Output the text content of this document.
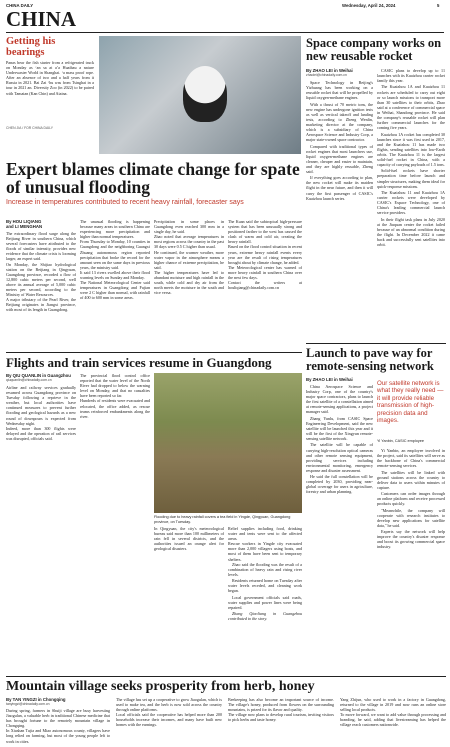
CHINA DAILY	Wednesday, April 24, 2024	5
CHINA
Getting his bearings
Panas bear the fish starter from a refrigerated truck on Monday as ‘an sa at a’a Huaibau a nature Underwaster World in Shanghai. ‘a mass proof rope. After an absence of two and a half years from it Russia in 2021. Bai Zai ‘hu was from Tsinghai in a tour in 2021 an. Diversity Zoo (in 2022) to be paired with Tamaian (Kan Chin) and Aiaina.
CHEN JIA / FOR CHINA DAILY
Space company works on new reusable rocket
By ZHAO LEI in Weihai
zhaolei@chinadaily.com.cn

Space Technology in Beijing's Yizhuang has been working on a reusable rocket that will be propelled by liquid oxygen-methane engines.

With a thrust of 70 metric tons, the new engine has undergone ignition tests as well as vertical takeoff and landing tests, according to Zheng Wenlin, marketing director at the company, which is a subsidiary of China Aerospace Science and Industry Corp, a major state-owned space contractor.

Compared with traditional types of rocket engines that most launchers use, liquid oxygen-methane engines are cleaner, cheaper and easier to maintain, and they are highly reusable, Zheng said.

If everything goes according to plan, the new rocket will make its maiden flight in the near future, and then it will carry the first passenger of CASIC's Kuaizhou launch series.

CASIC plans to develop up to 11 launches with its Kuaizhou carrier rocket family this year.

The Kuaizhou 1A and Kuaizhou 11 rockets are scheduled to carry out eight or so launch missions to transport more than 30 satellites to their orbits, Zhao said at a conference of commercial space in Weihai, Shandong province. He said the company's reusable rocket will plan further commercial launches for the coming five years.

Kuaizhou 1A rocket has completed 30 launches since it was first used in 2017, and the Kuaizhou 11 has made two flights, sending satellites into low-Earth orbits. The Kuaizhou 11 is the largest solid-fuel rocket in China, with a capacity of carrying payloads of 1.5 tons.

Solid-fuel rockets have shorter preparation time before launch and simpler structures, making them ideal for quick-response missions.

The Kuaizhou 11 and Kuaizhou 1A carrier rockets were developed by CASIC's Expace Technology, one of China's leading commercial launch service providers.

In their flight task plans in July 2020 at the Jiuquan center the rocket failed because of an abnormal condition during the flight. In December 2022 it came back and successfully sent satellites into orbit.

Expert blames climate change for spate of unusual flooding
Increase in temperatures contributed to recent heavy rainfall, forecaster says
By HOU LIQIANG
and LI MENGHAN
The extraordinary flood surge along the Beijiang River in southern China, which several forecasters have attributed to the floods of similar intensity, provides new evidence that the climate crisis is looming larger, an expert said.
On Monday, the Shijiao hydrological station on the Beijiang in Qingyuan, Guangdong province, recorded a flow of 12,800 cubic meters per second, well above its annual average of 5,000 cubic meters per second, according to the Ministry of Water Resources.
A major tributary of the Pearl River, the Beijiang originates in Jiangxi province, with most of its length in Guangdong.
The unusual flooding is happening because many areas in southern China are experiencing more precipitation and higher than normal temperatures.
From Thursday to Monday, 10 counties in Guangdong and the neighboring Guangxi Zhuang autonomous region reported precipitation that broke the record for the amount seen on the same days in previous years, the ministry said.
It said 13 rivers swelled above their flood warning levels on Sunday and Monday.
The National Meteorological Center said temperatures in Guangdong and Fujian were 2 C higher than normal, with rainfall of 400 to 600 mm in some areas.
Precipitation in some places in Guangdong even reached 300 mm in a single day, he said.
Zhao noted that average temperatures in most regions across the country in the past 30 days were 0.5 C higher than usual.
He continued, the warmer weather, more water vapor in the atmosphere means a higher chance of extreme precipitation, he said.
The higher temperatures have led to abundant moisture and high rainfall in the south, while cold and dry air from the north meets the moisture in the south and vice versa.
The Kuan said the subtropical high-pressure system that has been unusually strong and positioned farther to the west has caused the clash of warm and cold air, creating the heavy rainfall.
Based on the flood control situation in recent years, extreme heavy rainfall events every year are the result of rising temperatures brought about by climate change, he added.
The Meteorological center has warned of more heavy rainfall in southern China over the next few days.
Contact the writers at houliqiang@chinadaily.com.cn
Launch to pave way for remote-sensing network
By ZHAO LEI in Weihai

China Aerospace Science and Industry Corp, one of the country's major space contractors, plans to launch the first satellite of a constellation aimed at remote-sensing applications, a project manager said.

Zhang Yunlu, from CASIC Space Engineering Development, said the new satellite will be launched this year and it will be the first of the Xingyun remote-sensing satellite network.

The satellite will be capable of carrying high-resolution optical cameras and other remote sensing equipment, providing services including environmental monitoring, emergency response and disaster assessment.

He said the full constellation will be completed by 2030, providing near-global coverage for users in agriculture, forestry and urban planning.

Our satellite network is what they really need — it will provide reliable transmission of high-precision data and images.
Yi Yanbin, CASIC employee

Yi Yanbin, an employee involved in the project, said its satellites will serve as the backbone of China's commercial remote-sensing services.

The satellites will be linked with ground stations across the country to deliver data to users within minutes of capture.

Customers can order images through an online platform and receive processed products quickly.

"Meanwhile, the company will cooperate with research institutes to develop new applications for satellite data," he said.

Experts say the network will help improve the country's disaster response and boost its growing commercial space industry.

Flights and train services resume in Guangdong
By QIU QUANLIN in Guangzhou
qiuquanlin@chinadaily.com.cn
Airline and railway services gradually resumed across Guangdong province on Tuesday following a reprieve in the weather, but local authorities have continued measures to prevent further flooding and geological hazards as a new round of downpours is expected from Wednesday night.
Indeed, more than 300 flights were delayed and the operation of rail services was disrupted, officials said.
The provincial flood control office reported that the water level of the North River had dropped to below the warning level on Monday, and that no casualties have been reported so far.
Hundreds of residents were evacuated and relocated, the office added, as rescue teams reinforced embankments along the river.
Flooding due to heavy rainfall covers a tea field in Yingde, Qingyuan, Guangdong province, on Tuesday.
In Qingyuan, the city's meteorological bureau said more than 100 millimeters of rain fell in several districts, and the authorities issued an orange alert for geological disasters.
Relief supplies including food, drinking water and tents were sent to the affected areas.
Rescue workers in Yingde city evacuated more than 2,000 villagers using boats, and most of them have been sent to temporary shelters.

Zhao said the flooding was the result of a combination of heavy rain and rising river levels.

Residents returned home on Tuesday after water levels receded, and cleaning work began.

Local government officials said roads, water supplies and power lines were being repaired.

Zhang Qiaoliang in Guangzhou contributed to the story.

Mountain village seeks prosperity from herb, honey
By TAN YINGZI in Chongqing
tanyingzi@chinadaily.com.cn
During spring, farmers in Shuiji village are busy harvesting Jiaogulan, a valuable herb in traditional Chinese medicine that has brought fortune to the remotely mountain village in Chongqing.
In Xiushan Tujia and Miao autonomous county, villagers have long relied on farming, but most of the young people left to work in cities.
The village has set up a cooperative to grow Jiaogulan, which is used to make tea, and the herb is now sold across the country through online platforms.
Local officials said the cooperative has helped more than 200 households increase their incomes, and many have built new homes with the earnings.
Beekeeping has also become an important source of income. The village's honey, produced from flowers on the surrounding mountains, is prized for its flavor and quality.
The village now plans to develop rural tourism, inviting visitors to pick herbs and taste honey.
Yang Zhijun, who used to work in a factory in Guangdong, returned to the village in 2019 and now runs an online store selling local products.
To move forward, we want to add value through processing and branding, he said, adding that livestreaming has helped the village reach customers nationwide.
